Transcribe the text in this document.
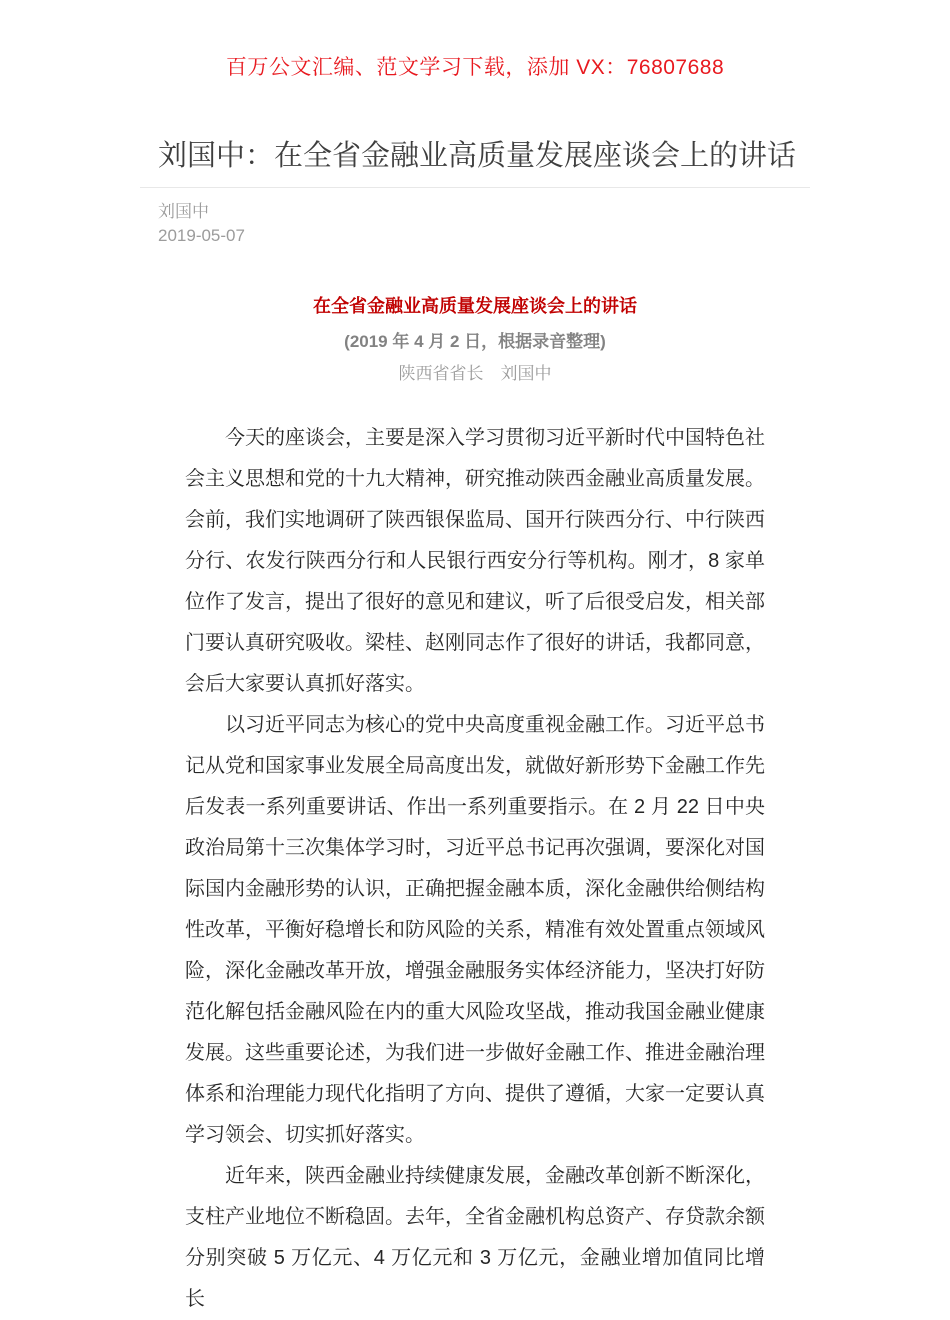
百万公文汇编、范文学习下载，添加 VX：76807688
刘国中：在全省金融业高质量发展座谈会上的讲话
刘国中
2019-05-07
在全省金融业高质量发展座谈会上的讲话
(2019 年 4 月 2 日，根据录音整理)
陕西省省长　刘国中

今天的座谈会，主要是深入学习贯彻习近平新时代中国特色社会主义思想和党的十九大精神，研究推动陕西金融业高质量发展。会前，我们实地调研了陕西银保监局、国开行陕西分行、中行陕西分行、农发行陕西分行和人民银行西安分行等机构。刚才，8 家单位作了发言，提出了很好的意见和建议，听了后很受启发，相关部门要认真研究吸收。梁桂、赵刚同志作了很好的讲话，我都同意，会后大家要认真抓好落实。

以习近平同志为核心的党中央高度重视金融工作。习近平总书记从党和国家事业发展全局高度出发，就做好新形势下金融工作先后发表一系列重要讲话、作出一系列重要指示。在 2 月 22 日中央政治局第十三次集体学习时，习近平总书记再次强调，要深化对国际国内金融形势的认识，正确把握金融本质，深化金融供给侧结构性改革，平衡好稳增长和防风险的关系，精准有效处置重点领域风险，深化金融改革开放，增强金融服务实体经济能力，坚决打好防范化解包括金融风险在内的重大风险攻坚战，推动我国金融业健康发展。这些重要论述，为我们进一步做好金融工作、推进金融治理体系和治理能力现代化指明了方向、提供了遵循，大家一定要认真学习领会、切实抓好落实。

近年来，陕西金融业持续健康发展，金融改革创新不断深化，支柱产业地位不断稳固。去年，全省金融机构总资产、存贷款余额分别突破 5 万亿元、4 万亿元和 3 万亿元，金融业增加值同比增长
